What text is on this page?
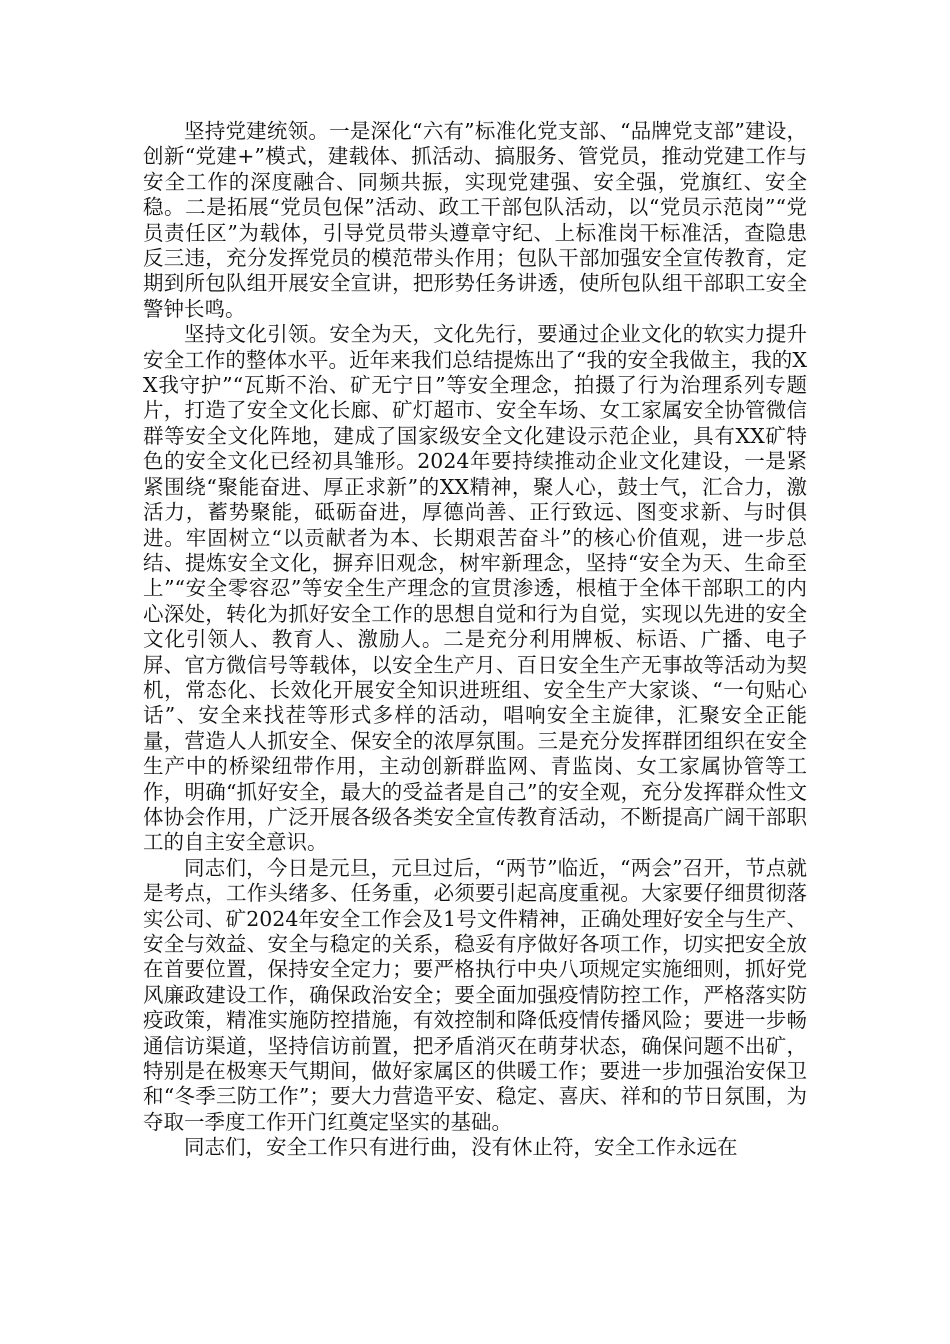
坚持党建统领。一是深化“六有”标准化党支部、“品牌党支部”建设，创新“党建+”模式，建载体、抓活动、搞服务、管党员，推动党建工作与安全工作的深度融合、同频共振，实现党建强、安全强，党旗红、安全稳。二是拓展“党员包保”活动、政工干部包队活动，以“党员示范岗”“党员责任区”为载体，引导党员带头遵章守纪、上标准岗干标准活，查隐患反三违，充分发挥党员的模范带头作用；包队干部加强安全宣传教育，定期到所包队组开展安全宣讲，把形势任务讲透，使所包队组干部职工安全警钟长鸣。

坚持文化引领。安全为天，文化先行，要通过企业文化的软实力提升安全工作的整体水平。近年来我们总结提炼出了“我的安全我做主，我的XX我守护”“瓦斯不治、矿无宁日”等安全理念，拍摄了行为治理系列专题片，打造了安全文化长廊、矿灯超市、安全车场、女工家属安全协管微信群等安全文化阵地，建成了国家级安全文化建设示范企业，具有XX矿特色的安全文化已经初具雏形。2024年要持续推动企业文化建设，一是紧紧围绕“聚能奋进、厚正求新”的XX精神，聚人心，鼓士气，汇合力，激活力，蓄势聚能，砥砺奋进，厚德尚善、正行致远、图变求新、与时俱进。牢固树立“以贡献者为本、长期艰苦奋斗”的核心价值观，进一步总结、提炼安全文化，摒弃旧观念，树牢新理念，坚持“安全为天、生命至上”“安全零容忍”等安全生产理念的宣贯渗透，根植于全体干部职工的内心深处，转化为抓好安全工作的思想自觉和行为自觉，实现以先进的安全文化引领人、教育人、激励人。二是充分利用牌板、标语、广播、电子屏、官方微信号等载体，以安全生产月、百日安全生产无事故等活动为契机，常态化、长效化开展安全知识进班组、安全生产大家谈、“一句贴心话”、安全来找茬等形式多样的活动，唱响安全主旋律，汇聚安全正能量，营造人人抓安全、保安全的浓厚氛围。三是充分发挥群团组织在安全生产中的桥梁纽带作用，主动创新群监网、青监岗、女工家属协管等工作，明确“抓好安全，最大的受益者是自己”的安全观，充分发挥群众性文体协会作用，广泛开展各级各类安全宣传教育活动，不断提高广阔干部职工的自主安全意识。

同志们，今日是元旦，元旦过后，“两节”临近，“两会”召开，节点就是考点，工作头绪多、任务重，必须要引起高度重视。大家要仔细贯彻落实公司、矿2024年安全工作会及1号文件精神，正确处理好安全与生产、安全与效益、安全与稳定的关系，稳妥有序做好各项工作，切实把安全放在首要位置，保持安全定力；要严格执行中央八项规定实施细则，抓好党风廉政建设工作，确保政治安全；要全面加强疫情防控工作，严格落实防疫政策，精准实施防控措施，有效控制和降低疫情传播风险；要进一步畅通信访渠道，坚持信访前置，把矛盾消灭在萌芽状态，确保问题不出矿，特别是在极寒天气期间，做好家属区的供暖工作；要进一步加强治安保卫和“冬季三防工作”；要大力营造平安、稳定、喜庆、祥和的节日氛围，为夺取一季度工作开门红奠定坚实的基础。

同志们，安全工作只有进行曲，没有休止符，安全工作永远在
